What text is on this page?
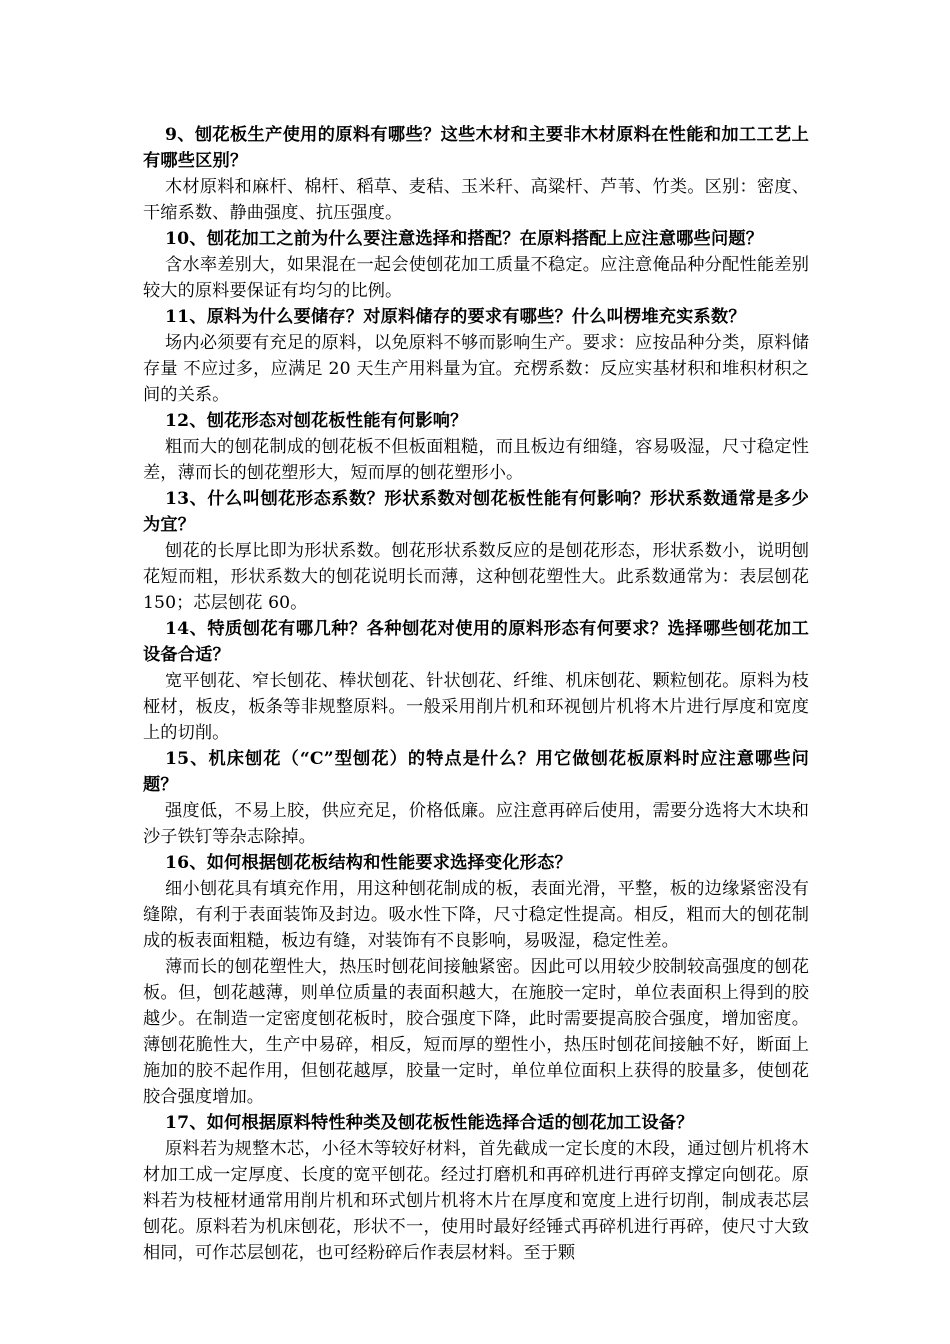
9、刨花板生产使用的原料有哪些？这些木材和主要非木材原料在性能和加工工艺上有哪些区别？

木材原料和麻杆、棉杆、稻草、麦秸、玉米秆、高粱杆、芦苇、竹类。区别：密度、干缩系数、静曲强度、抗压强度。

10、刨花加工之前为什么要注意选择和搭配？在原料搭配上应注意哪些问题？

含水率差别大，如果混在一起会使刨花加工质量不稳定。应注意俺品种分配性能差别较大的原料要保证有均匀的比例。

11、原料为什么要储存？对原料储存的要求有哪些？什么叫楞堆充实系数？

场内必须要有充足的原料，以免原料不够而影响生产。要求：应按品种分类，原料储存量 不应过多，应满足 20 天生产用料量为宜。充楞系数：反应实基材积和堆积材积之间的关系。

12、刨花形态对刨花板性能有何影响？

粗而大的刨花制成的刨花板不但板面粗糙，而且板边有细缝，容易吸湿，尺寸稳定性差，薄而长的刨花塑形大，短而厚的刨花塑形小。

13、什么叫刨花形态系数？形状系数对刨花板性能有何影响？形状系数通常是多少为宜？

刨花的长厚比即为形状系数。刨花形状系数反应的是刨花形态，形状系数小，说明刨花短而粗，形状系数大的刨花说明长而薄，这种刨花塑性大。此系数通常为：表层刨花 150；芯层刨花 60。

14、特质刨花有哪几种？各种刨花对使用的原料形态有何要求？选择哪些刨花加工设备合适？

宽平刨花、窄长刨花、棒状刨花、针状刨花、纤维、机床刨花、颗粒刨花。原料为枝桠材，板皮，板条等非规整原料。一般采用削片机和环视刨片机将木片进行厚度和宽度上的切削。

15、机床刨花（“C”型刨花）的特点是什么？用它做刨花板原料时应注意哪些问题？

强度低，不易上胶，供应充足，价格低廉。应注意再碎后使用，需要分选将大木块和沙子铁钉等杂志除掉。

16、如何根据刨花板结构和性能要求选择变化形态？

细小刨花具有填充作用，用这种刨花制成的板，表面光滑，平整，板的边缘紧密没有缝隙，有利于表面装饰及封边。吸水性下降，尺寸稳定性提高。相反，粗而大的刨花制成的板表面粗糙，板边有缝，对装饰有不良影响，易吸湿，稳定性差。

薄而长的刨花塑性大，热压时刨花间接触紧密。因此可以用较少胶制较高强度的刨花板。但，刨花越薄，则单位质量的表面积越大，在施胶一定时，单位表面积上得到的胶越少。在制造一定密度刨花板时，胶合强度下降，此时需要提高胶合强度，增加密度。薄刨花脆性大，生产中易碎，相反，短而厚的塑性小，热压时刨花间接触不好，断面上施加的胶不起作用，但刨花越厚，胶量一定时，单位单位面积上获得的胶量多，使刨花胶合强度增加。

17、如何根据原料特性种类及刨花板性能选择合适的刨花加工设备？

原料若为规整木芯，小径木等较好材料，首先截成一定长度的木段，通过刨片机将木材加工成一定厚度、长度的宽平刨花。经过打磨机和再碎机进行再碎支撑定向刨花。原料若为枝桠材通常用削片机和环式刨片机将木片在厚度和宽度上进行切削，制成表芯层刨花。原料若为机床刨花，形状不一，使用时最好经锤式再碎机进行再碎，使尺寸大致相同，可作芯层刨花，也可经粉碎后作表层材料。至于颗
